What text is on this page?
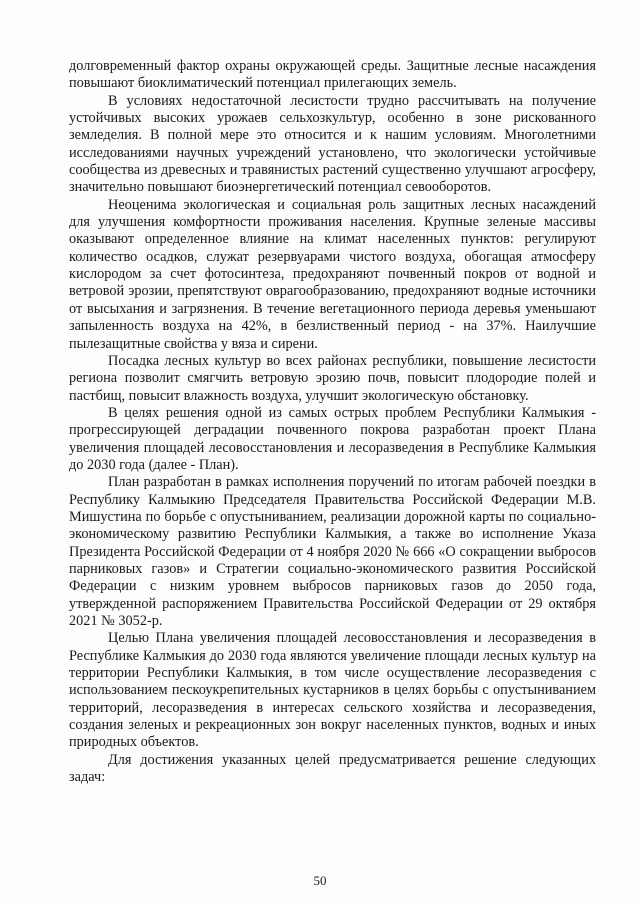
долговременный фактор охраны окружающей среды. Защитные лесные насаждения повышают биоклиматический потенциал прилегающих земель.

В условиях недостаточной лесистости трудно рассчитывать на получение устойчивых высоких урожаев сельхозкультур, особенно в зоне рискованного земледелия. В полной мере это относится и к нашим условиям. Многолетними исследованиями научных учреждений установлено, что экологически устойчивые сообщества из древесных и травянистых растений существенно улучшают агросферу, значительно повышают биоэнергетический потенциал севооборотов.

Неоценима экологическая и социальная роль защитных лесных насаждений для улучшения комфортности проживания населения. Крупные зеленые массивы оказывают определенное влияние на климат населенных пунктов: регулируют количество осадков, служат резервуарами чистого воздуха, обогащая атмосферу кислородом за счет фотосинтеза, предохраняют почвенный покров от водной и ветровой эрозии, препятствуют оврагообразованию, предохраняют водные источники от высыхания и загрязнения. В течение вегетационного периода деревья уменьшают запыленность воздуха на 42%, в безлиственный период - на 37%. Наилучшие пылезащитные свойства у вяза и сирени.

Посадка лесных культур во всех районах республики, повышение лесистости региона позволит смягчить ветровую эрозию почв, повысит плодородие полей и пастбищ, повысит влажность воздуха, улучшит экологическую обстановку.

В целях решения одной из самых острых проблем Республики Калмыкия - прогрессирующей деградации почвенного покрова разработан проект Плана увеличения площадей лесовосстановления и лесоразведения в Республике Калмыкия до 2030 года (далее - План).

План разработан в рамках исполнения поручений по итогам рабочей поездки в Республику Калмыкию Председателя Правительства Российской Федерации М.В. Мишустина по борьбе с опустыниванием, реализации дорожной карты по социально-экономическому развитию Республики Калмыкия, а также во исполнение Указа Президента Российской Федерации от 4 ноября 2020 № 666 «О сокращении выбросов парниковых газов» и Стратегии социально-экономического развития Российской Федерации с низким уровнем выбросов парниковых газов до 2050 года, утвержденной распоряжением Правительства Российской Федерации от 29 октября 2021 № 3052-р.

Целью Плана увеличения площадей лесовосстановления и лесоразведения в Республике Калмыкия до 2030 года являются увеличение площади лесных культур на территории Республики Калмыкия, в том числе осуществление лесоразведения с использованием пескоукрепительных кустарников в целях борьбы с опустыниванием территорий, лесоразведения в интересах сельского хозяйства и лесоразведения, создания зеленых и рекреационных зон вокруг населенных пунктов, водных и иных природных объектов.

Для достижения указанных целей предусматривается решение следующих задач:

50
